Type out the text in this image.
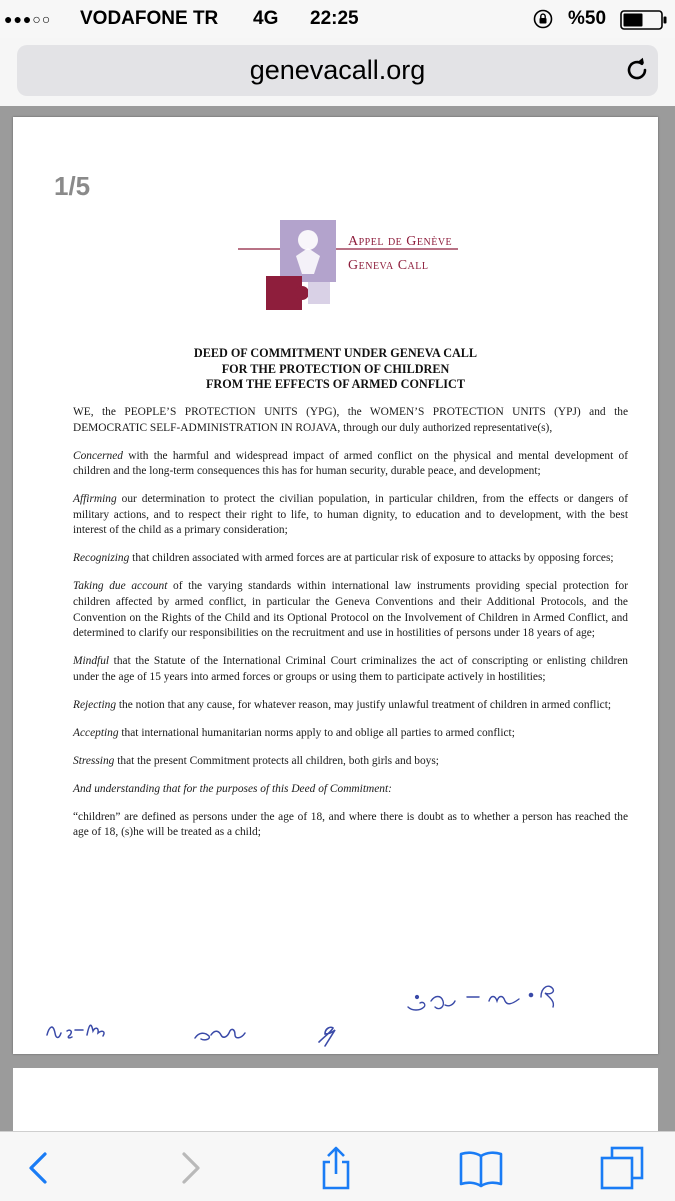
●●●○○ VODAFONE TR 4G 22:25	%50
genevacall.org
1/5
Appel de Genève
Geneva Call
DEED OF COMMITMENT UNDER GENEVA CALL
FOR THE PROTECTION OF CHILDREN
FROM THE EFFECTS OF ARMED CONFLICT

WE, the PEOPLE’S PROTECTION UNITS (YPG), the WOMEN’S PROTECTION UNITS (YPJ) and the DEMOCRATIC SELF-ADMINISTRATION IN ROJAVA, through our duly authorized representative(s),

Concerned with the harmful and widespread impact of armed conflict on the physical and mental development of children and the long-term consequences this has for human security, durable peace, and development;

Affirming our determination to protect the civilian population, in particular children, from the effects or dangers of military actions, and to respect their right to life, to human dignity, to education and to development, with the best interest of the child as a primary consideration;

Recognizing that children associated with armed forces are at particular risk of exposure to attacks by opposing forces;

Taking due account of the varying standards within international law instruments providing special protection for children affected by armed conflict, in particular the Geneva Conventions and their Additional Protocols, and the Convention on the Rights of the Child and its Optional Protocol on the Involvement of Children in Armed Conflict, and determined to clarify our responsibilities on the recruitment and use in hostilities of persons under 18 years of age;

Mindful that the Statute of the International Criminal Court criminalizes the act of conscripting or enlisting children under the age of 15 years into armed forces or groups or using them to participate actively in hostilities;

Rejecting the notion that any cause, for whatever reason, may justify unlawful treatment of children in armed conflict;

Accepting that international humanitarian norms apply to and oblige all parties to armed conflict;

Stressing that the present Commitment protects all children, both girls and boys;

And understanding that for the purposes of this Deed of Commitment:

“children” are defined as persons under the age of 18, and where there is doubt as to whether a person has reached the age of 18, (s)he will be treated as a child;
